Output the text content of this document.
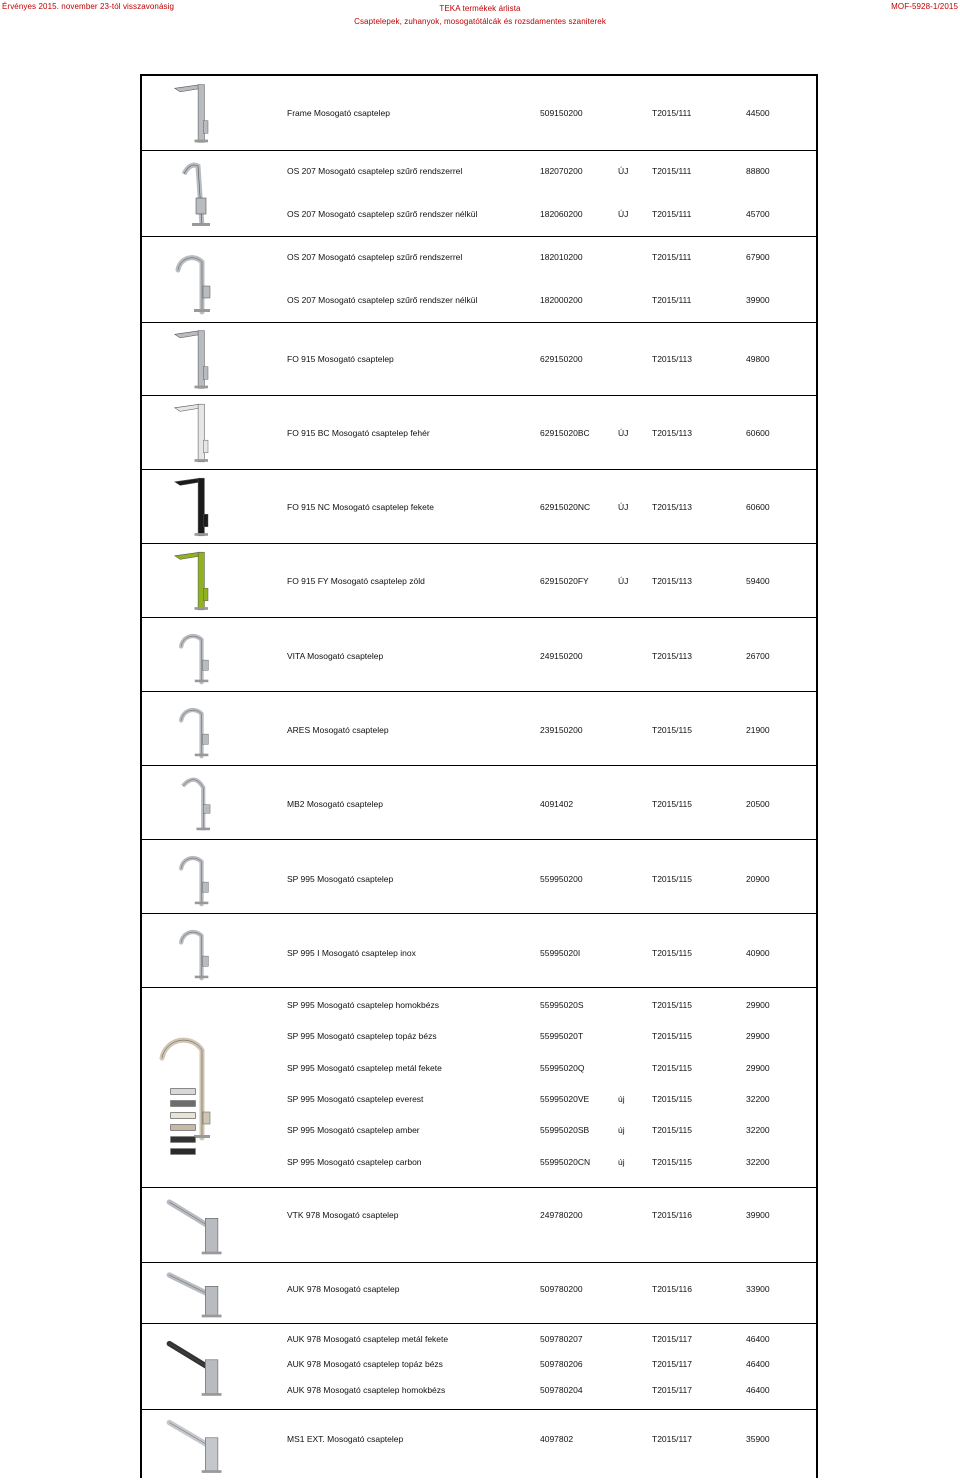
Érvényes 2015. november 23-tól visszavonásig	TEKA termékek árlista
Csaptelepek, zuhanyok, mosogatótálcák és rozsdamentes szaniterek
MOF-5928-1/2015
Frame Mosogató csaptelep	509150200	T2015/111	44500
OS 207 Mosogató csaptelep szűrő rendszerrel	182070200	ÚJ	T2015/111	88800
OS 207 Mosogató csaptelep szűrő rendszer nélkül	182060200	ÚJ	T2015/111	45700
OS 207 Mosogató csaptelep szűrő rendszerrel	182010200	T2015/111	67900
OS 207 Mosogató csaptelep szűrő rendszer nélkül	182000200	T2015/111	39900
FO 915 Mosogató csaptelep	629150200	T2015/113	49800
FO 915 BC Mosogató csaptelep fehér	62915020BC	ÚJ	T2015/113	60600
FO 915 NC Mosogató csaptelep fekete	62915020NC	ÚJ	T2015/113	60600
FO 915 FY Mosogató csaptelep zöld	62915020FY	ÚJ	T2015/113	59400
VITA Mosogató csaptelep	249150200	T2015/113	26700
ARES Mosogató csaptelep	239150200	T2015/115	21900
MB2 Mosogató csaptelep	4091402	T2015/115	20500
SP 995 Mosogató csaptelep	559950200	T2015/115	20900
SP 995 I Mosogató csaptelep inox	55995020I	T2015/115	40900
SP 995 Mosogató csaptelep homokbézs	55995020S	T2015/115	29900
SP 995 Mosogató csaptelep topáz bézs	55995020T	T2015/115	29900
SP 995 Mosogató csaptelep metál fekete	55995020Q	T2015/115	29900
SP 995 Mosogató csaptelep everest	55995020VE	új	T2015/115	32200
SP 995 Mosogató csaptelep amber	55995020SB	új	T2015/115	32200
SP 995 Mosogató csaptelep carbon	55995020CN	új	T2015/115	32200
VTK 978 Mosogató csaptelep	249780200	T2015/116	39900
AUK 978 Mosogató csaptelep	509780200	T2015/116	33900
AUK 978 Mosogató csaptelep metál fekete	509780207	T2015/117	46400
AUK 978 Mosogató csaptelep topáz bézs	509780206	T2015/117	46400
AUK 978 Mosogató csaptelep homokbézs	509780204	T2015/117	46400
MS1 EXT. Mosogató csaptelep	4097802	T2015/117	35900
